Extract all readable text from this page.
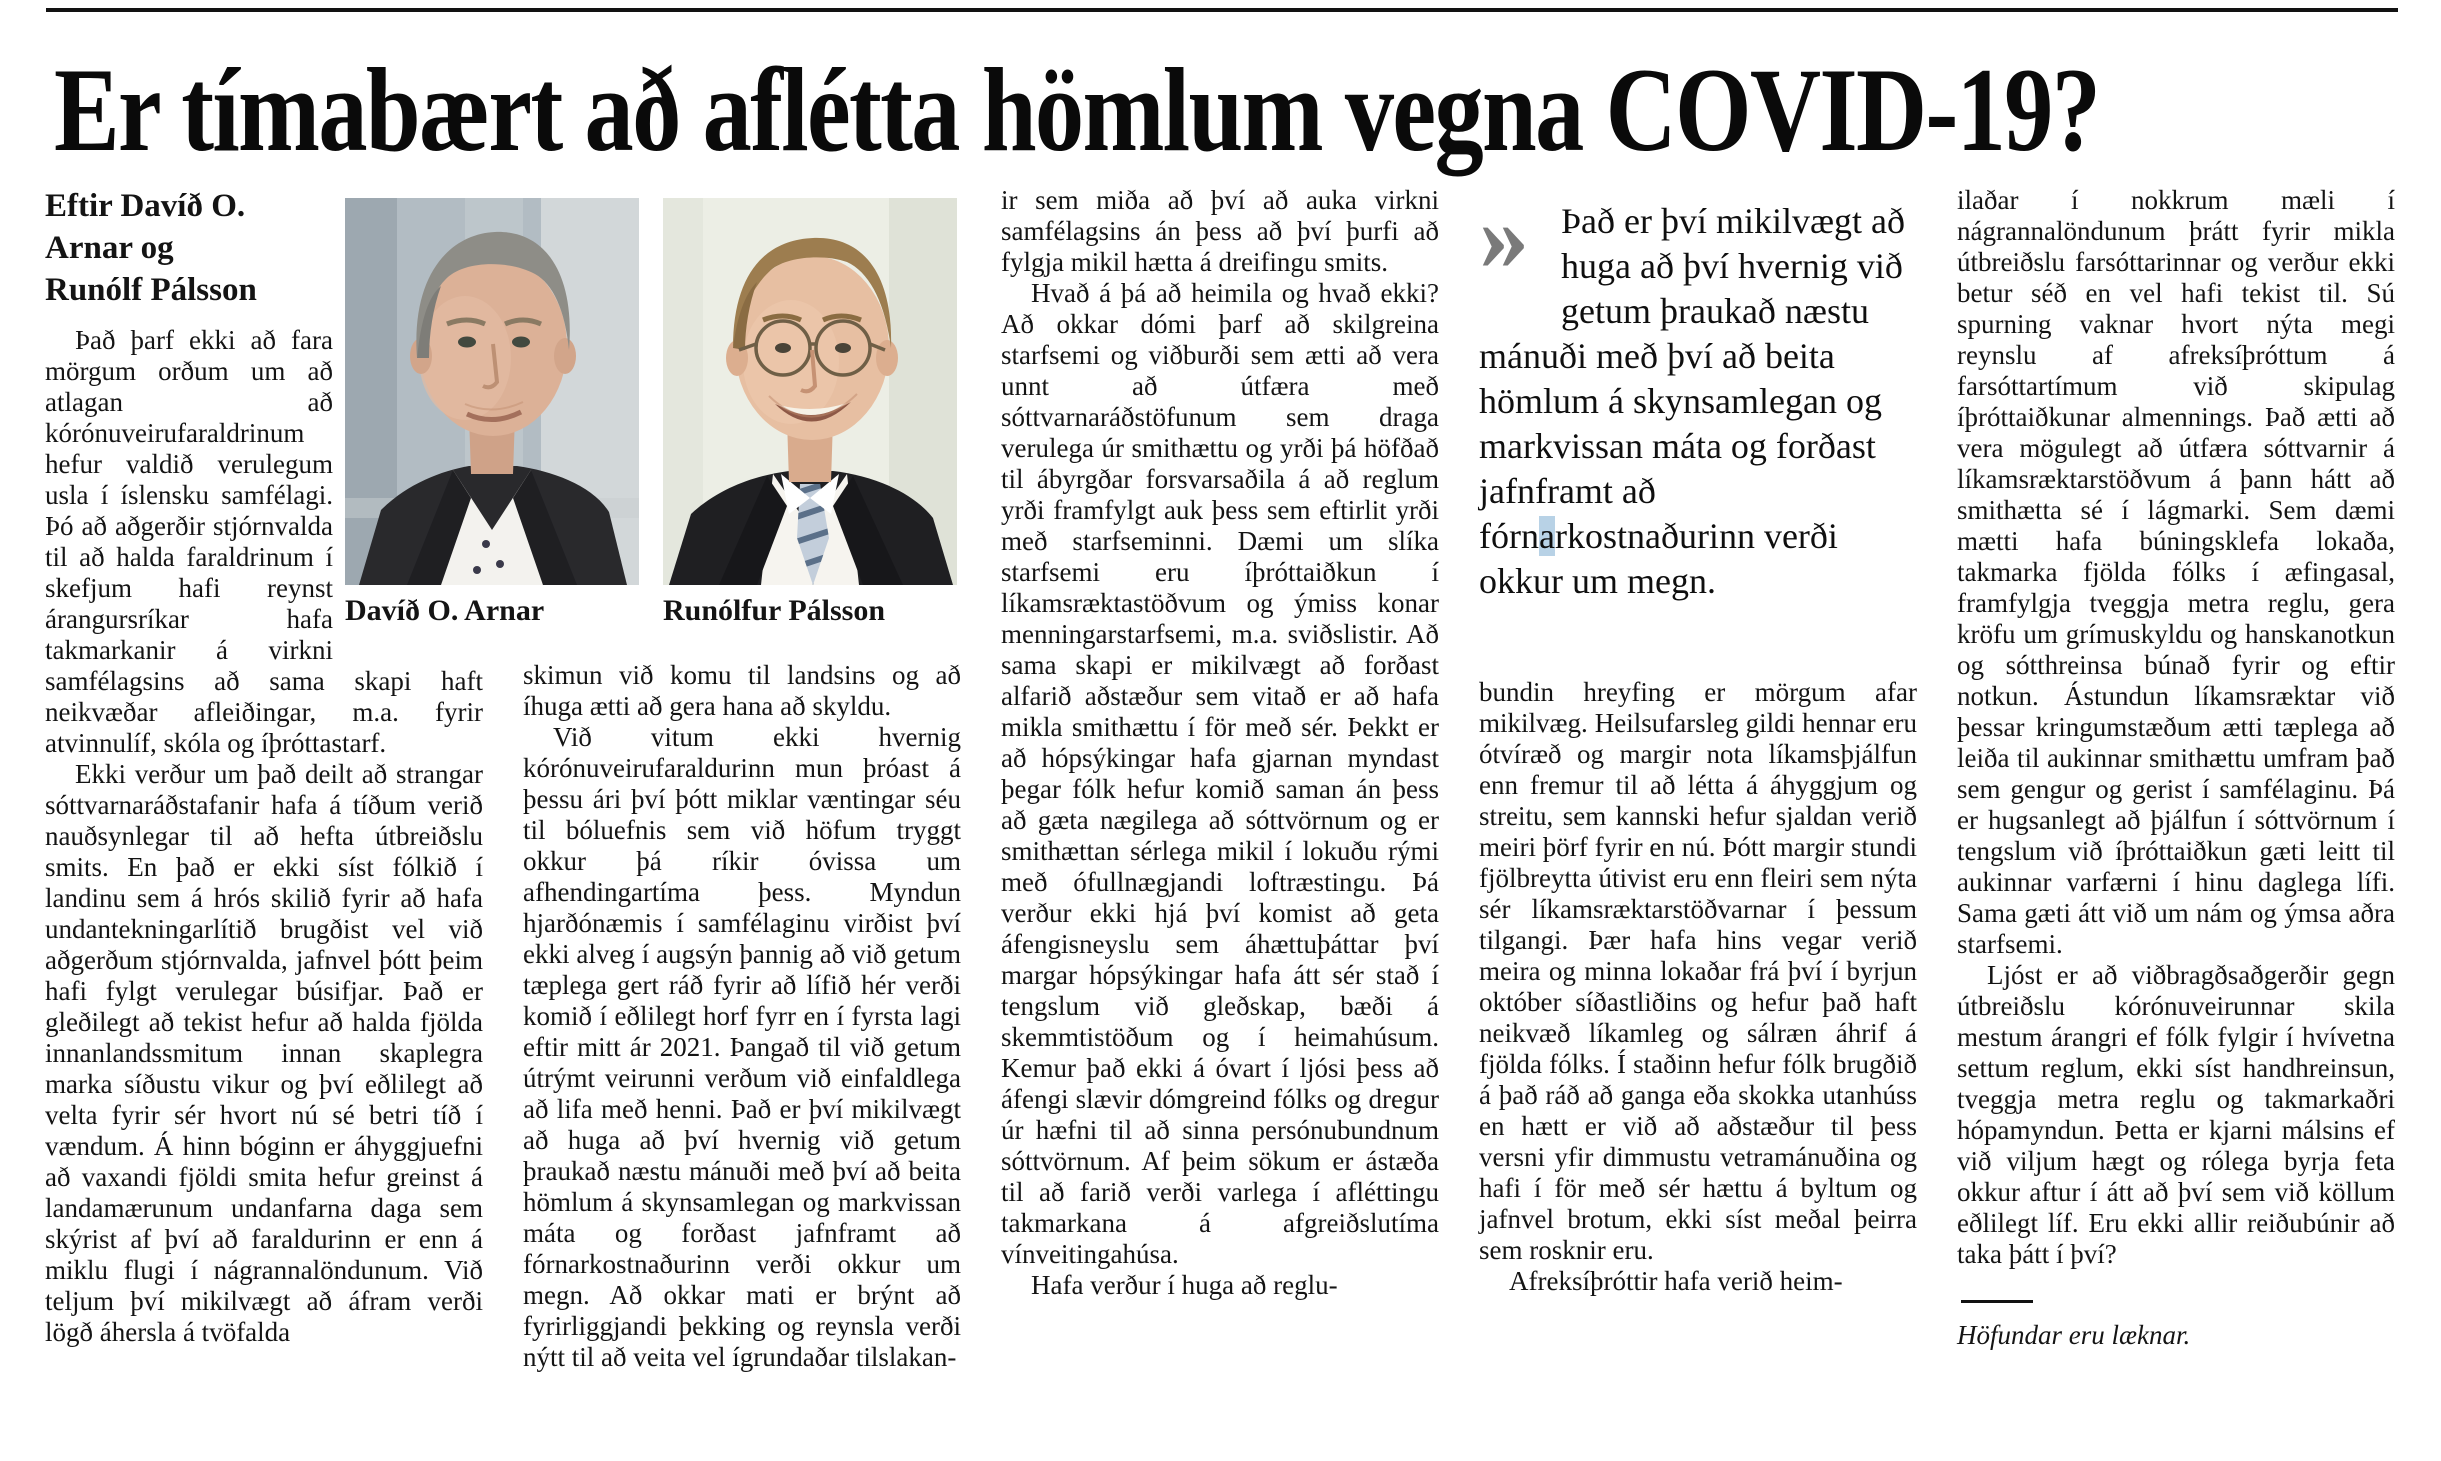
Er tímabært að aflétta hömlum vegna COVID-19?
Eftir Davíð O.
Arnar og
Runólf Pálsson

Það þarf ekki að fara mörgum orðum um að atlagan að kórónuveirufaraldrinum hefur valdið verulegum usla í íslensku samfélagi. Þó að aðgerðir stjórnvalda til að halda faraldrinum í skefjum hafi reynst árangursríkar hafa takmarkanir á virkni samfélagsins að sama skapi haft neikvæðar afleiðingar, m.a. fyrir atvinnulíf, skóla og íþróttastarf.

Ekki verður um það deilt að strangar sóttvarnaráðstafanir hafa á tíðum verið nauðsynlegar til að hefta útbreiðslu smits. En það er ekki síst fólkið í landinu sem á hrós skilið fyrir að hafa undantekningarlítið brugðist vel við aðgerðum stjórnvalda, jafnvel þótt þeim hafi fylgt verulegar búsifjar. Það er gleðilegt að tekist hefur að halda fjölda innanlandssmitum innan skaplegra marka síðustu vikur og því eðlilegt að velta fyrir sér hvort nú sé betri tíð í vændum. Á hinn bóginn er áhyggjuefni að vaxandi fjöldi smita hefur greinst á landamærunum undanfarna daga sem skýrist af því að faraldurinn er enn á miklu flugi í nágrannalöndunum. Við teljum því mikilvægt að áfram verði lögð áhersla á tvöfalda

skimun við komu til landsins og að íhuga ætti að gera hana að skyldu.

Við vitum ekki hvernig kórónuveirufaraldurinn mun þróast á þessu ári því þótt miklar væntingar séu til bóluefnis sem við höfum tryggt okkur þá ríkir óvissa um afhendingartíma þess. Myndun hjarðónæmis í samfélaginu virðist því ekki alveg í augsýn þannig að við getum tæplega gert ráð fyrir að lífið hér verði komið í eðlilegt horf fyrr en í fyrsta lagi eftir mitt ár 2021. Þangað til við getum útrýmt veirunni verðum við einfaldlega að lifa með henni. Það er því mikilvægt að huga að því hvernig við getum þraukað næstu mánuði með því að beita hömlum á skynsamlegan og markvissan máta og forðast jafnframt að fórnarkostnaðurinn verði okkur um megn. Að okkar mati er brýnt að fyrirliggjandi þekking og reynsla verði nýtt til að veita vel ígrundaðar tilslakan-

ir sem miða að því að auka virkni samfélagsins án þess að því þurfi að fylgja mikil hætta á dreifingu smits.

Hvað á þá að heimila og hvað ekki? Að okkar dómi þarf að skilgreina starfsemi og viðburði sem ætti að vera unnt að útfæra með sóttvarnaráðstöfunum sem draga verulega úr smithættu og yrði þá höfðað til ábyrgðar forsvarsaðila á að reglum yrði framfylgt auk þess sem eftirlit yrði með starfseminni. Dæmi um slíka starfsemi eru íþróttaiðkun í líkamsræktastöðvum og ýmiss konar menningarstarfsemi, m.a. sviðslistir. Að sama skapi er mikilvægt að forðast alfarið aðstæður sem vitað er að hafa mikla smithættu í för með sér. Þekkt er að hópsýkingar hafa gjarnan myndast þegar fólk hefur komið saman án þess að gæta nægilega að sóttvörnum og er smithættan sérlega mikil í lokuðu rými með ófullnægjandi loftræstingu. Þá verður ekki hjá því komist að geta áfengisneyslu sem áhættuþáttar því margar hópsýkingar hafa átt sér stað í tengslum við gleðskap, bæði á skemmtistöðum og í heimahúsum. Kemur það ekki á óvart í ljósi þess að áfengi slævir dómgreind fólks og dregur úr hæfni til að sinna persónubundnum sóttvörnum. Af þeim sökum er ástæða til að farið verði varlega í afléttingu takmarkana á afgreiðslutíma vínveitingahúsa.

Hafa verður í huga að reglu-

» Það er því mikilvægt að huga að því hvernig við getum þraukað næstu mánuði með því að beita hömlum á skynsamlegan og markvissan máta og forðast jafnframt að fórnarkostnaðurinn verði okkur um megn.

bundin hreyfing er mörgum afar mikilvæg. Heilsufarsleg gildi hennar eru ótvíræð og margir nota líkamsþjálfun enn fremur til að létta á áhyggjum og streitu, sem kannski hefur sjaldan verið meiri þörf fyrir en nú. Þótt margir stundi fjölbreytta útivist eru enn fleiri sem nýta sér líkamsræktarstöðvarnar í þessum tilgangi. Þær hafa hins vegar verið meira og minna lokaðar frá því í byrjun október síðastliðins og hefur það haft neikvæð líkamleg og sálræn áhrif á fjölda fólks. Í staðinn hefur fólk brugðið á það ráð að ganga eða skokka utanhúss en hætt er við að aðstæður til þess versni yfir dimmustu vetramánuðina og hafi í för með sér hættu á byltum og jafnvel brotum, ekki síst meðal þeirra sem rosknir eru.

Afreksíþróttir hafa verið heim-

ilaðar í nokkrum mæli í nágrannalöndunum þrátt fyrir mikla útbreiðslu farsóttarinnar og verður ekki betur séð en vel hafi tekist til. Sú spurning vaknar hvort nýta megi reynslu af afreksíþróttum á farsóttartímum við skipulag íþróttaiðkunar almennings. Það ætti að vera mögulegt að útfæra sóttvarnir á líkamsræktarstöðvum á þann hátt að smithætta sé í lágmarki. Sem dæmi mætti hafa búningsklefa lokaða, takmarka fjölda fólks í æfingasal, framfylgja tveggja metra reglu, gera kröfu um grímuskyldu og hanskanotkun og sótthreinsa búnað fyrir og eftir notkun. Ástundun líkamsræktar við þessar kringumstæðum ætti tæplega að leiða til aukinnar smithættu umfram það sem gengur og gerist í samfélaginu. Þá er hugsanlegt að þjálfun í sóttvörnum í tengslum við íþróttaiðkun gæti leitt til aukinnar varfærni í hinu daglega lífi. Sama gæti átt við um nám og ýmsa aðra starfsemi.

Ljóst er að viðbragðsaðgerðir gegn útbreiðslu kórónuveirunnar skila mestum árangri ef fólk fylgir í hvívetna settum reglum, ekki síst handhreinsun, tveggja metra reglu og takmarkaðri hópamyndun. Þetta er kjarni málsins ef við viljum hægt og rólega byrja feta okkur aftur í átt að því sem við köllum eðlilegt líf. Eru ekki allir reiðubúnir að taka þátt í því?

Höfundar eru læknar.
Davíð O. Arnar	Runólfur Pálsson
